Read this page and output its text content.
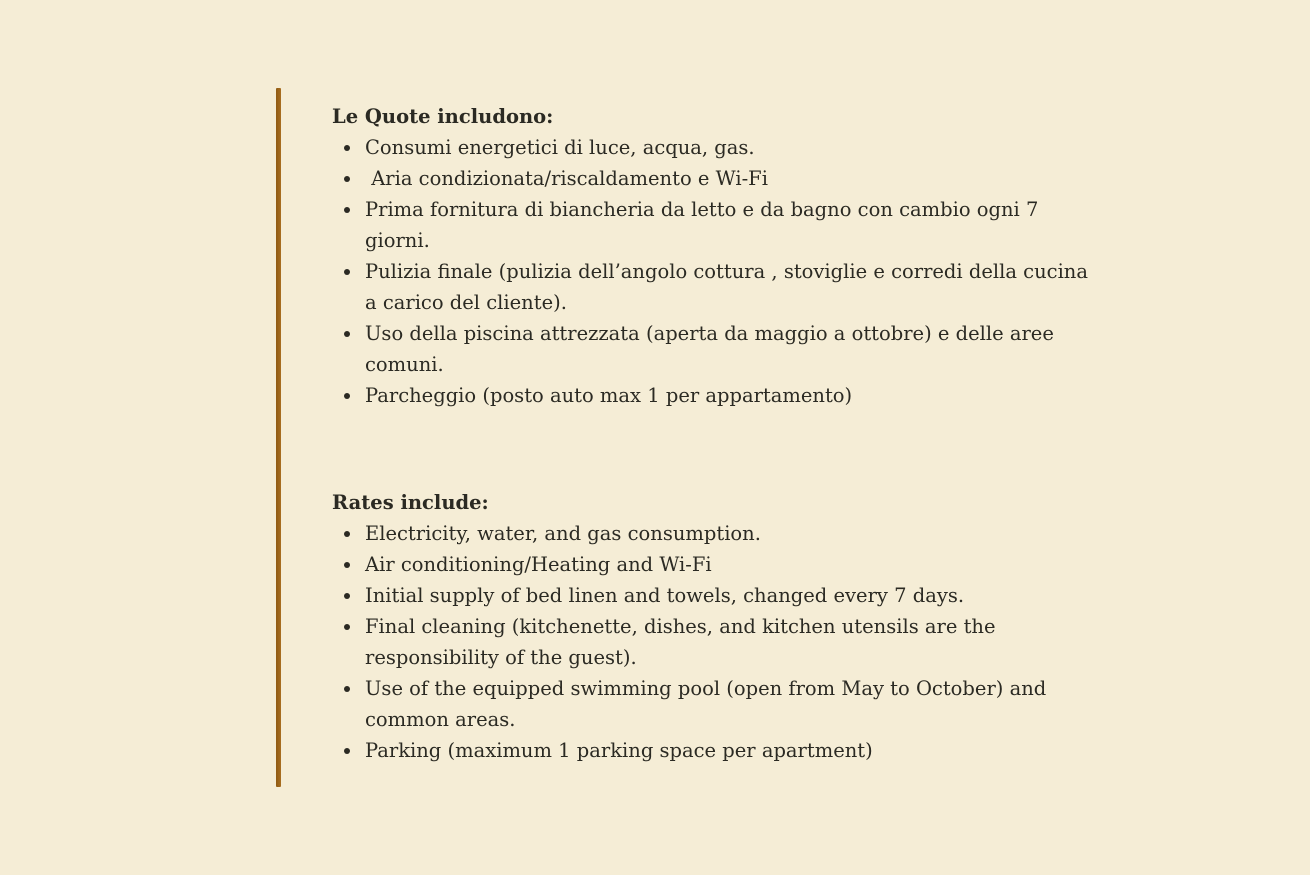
Le Quote includono:
Consumi energetici di luce, acqua, gas.
Aria condizionata/riscaldamento e Wi-Fi
Prima fornitura di biancheria da letto e da bagno con cambio ogni 7 giorni.
Pulizia finale (pulizia dell’angolo cottura , stoviglie e corredi della cucina a carico del cliente).
Uso della piscina attrezzata (aperta da maggio a ottobre) e delle aree comuni.
Parcheggio (posto auto max 1 per appartamento)
Rates include:
Electricity, water, and gas consumption.
Air conditioning/Heating and Wi-Fi
Initial supply of bed linen and towels, changed every 7 days.
Final cleaning (kitchenette, dishes, and kitchen utensils are the responsibility of the guest).
Use of the equipped swimming pool (open from May to October) and common areas.
Parking (maximum 1 parking space per apartment)
